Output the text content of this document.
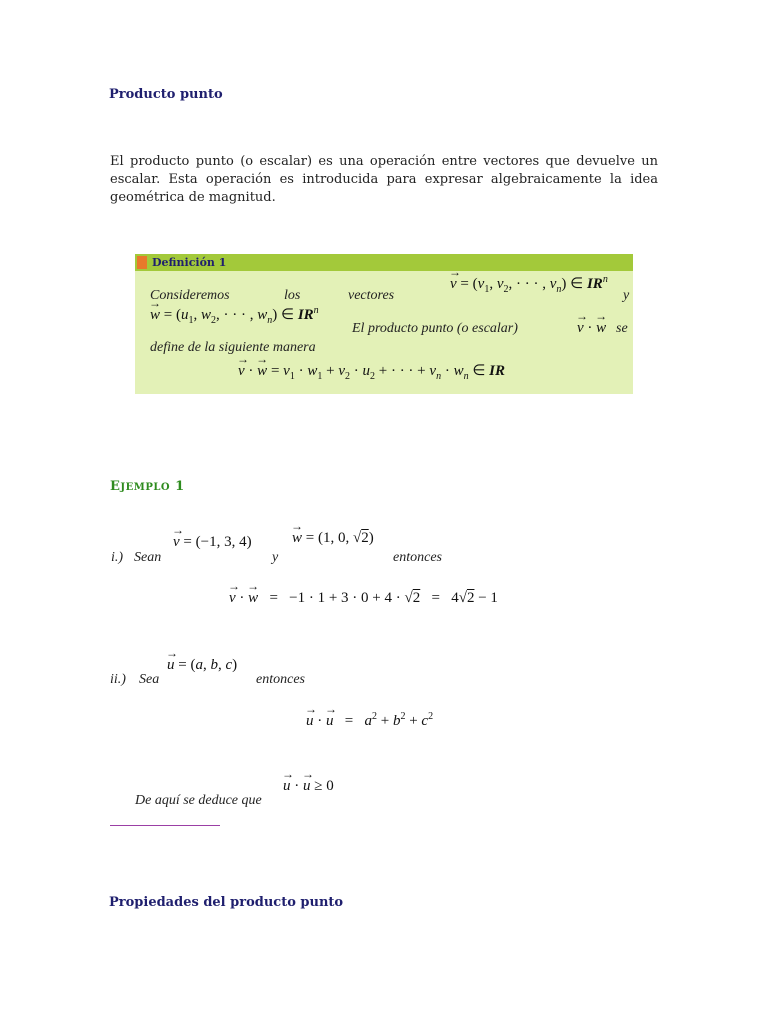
Producto punto
El producto punto (o escalar) es una operación entre vectores que devuelve un escalar. Esta operación es introducida para expresar algebraicamente la idea geométrica de magnitud.
Definición 1
Consideremos	los	vectores
→ $v = (v_1$, $v_2$, · · · , $v_n$) ∈ $IR^n$
y
→ $w = (u_1$, $w_2$, · · · , $w_n$) ∈ $IR^n$
El producto punto (o escalar)	→ v · → w se
define de la siguiente manera
→ v · → $w = v_1 \cdot w_1 + v_2 \cdot u_2$ + · · · + $v_n \cdot w_n$ ∈ IR
EJEMPLO 1
i.) Sean
→ v = (−1, 3, 4)
y
→ w = (1, 0, √2)
entonces
→ v · → w   =   −1 · 1 + 3 · 0 + 4 · √2   =   4√2 − 1
ii.) Sea
→ u = (a, b, c)
entonces
→ u · → $u = a^2 + b^2 + c^2$
De aquí se deduce que
→ u · → u ≥ 0
Propiedades del producto punto
